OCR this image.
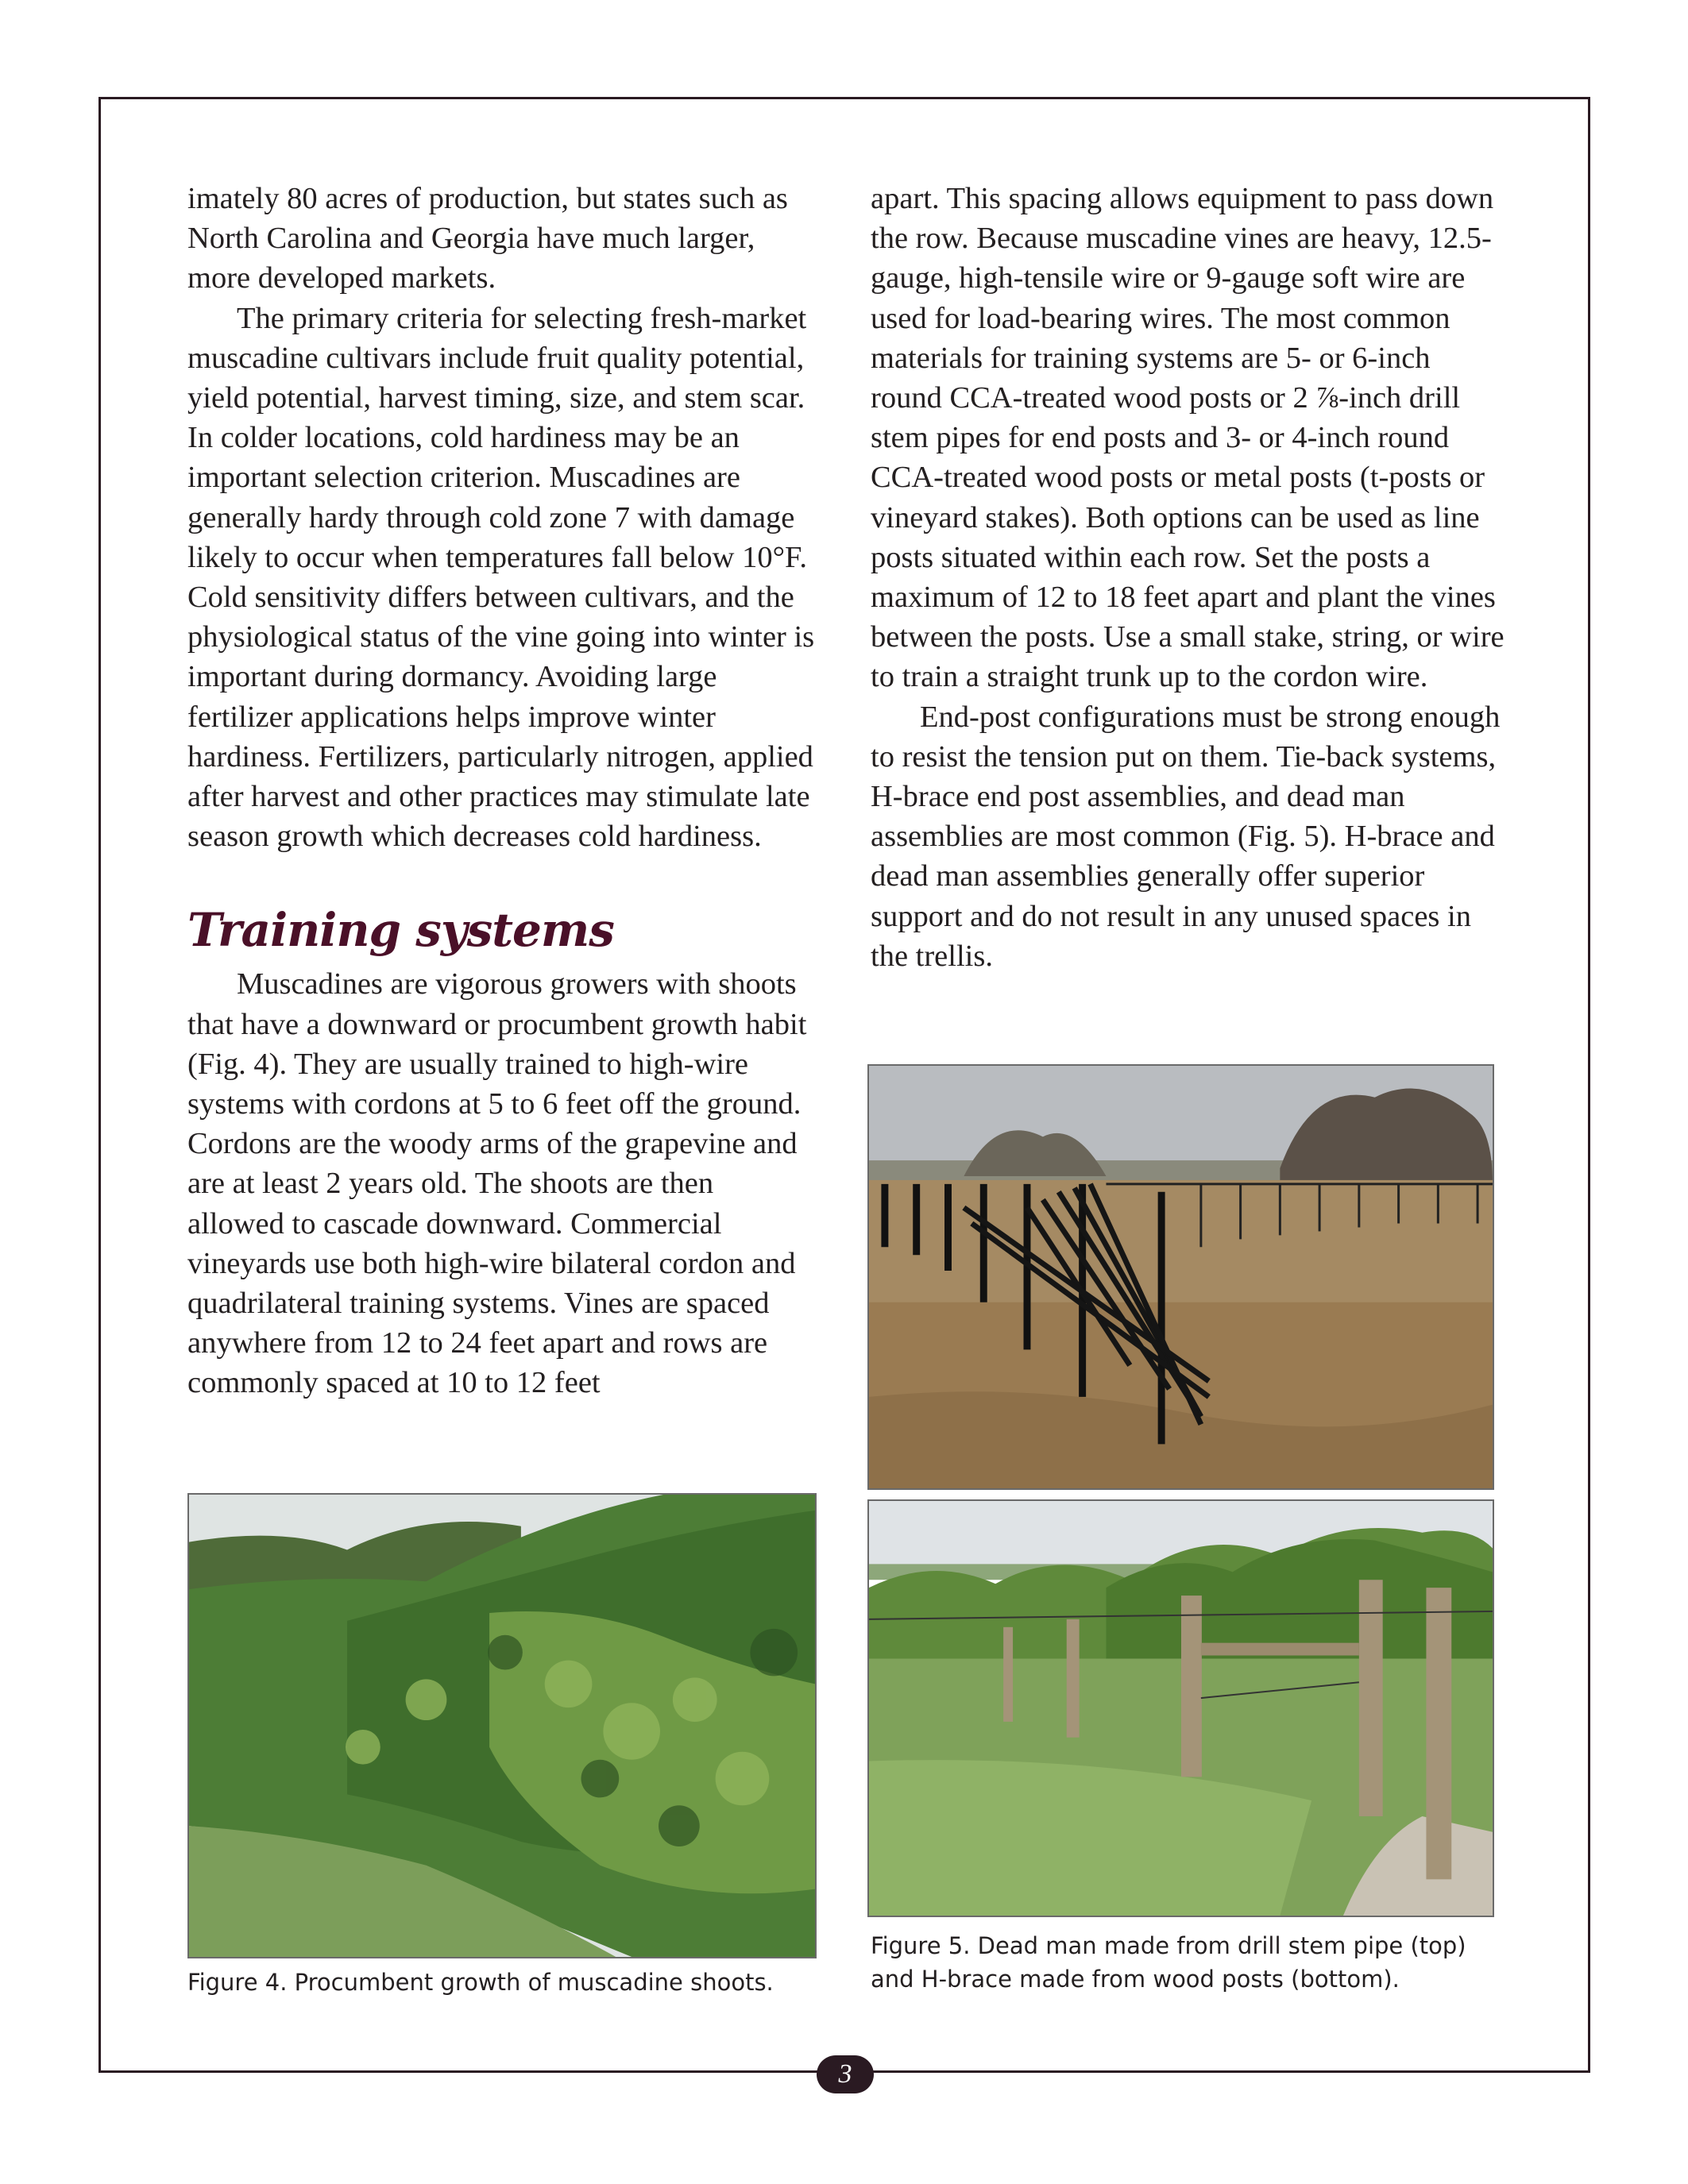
imately 80 acres of production, but states such as North Carolina and Georgia have much larger, more developed markets.

The primary criteria for selecting fresh-market muscadine cultivars include fruit quality potential, yield potential, harvest timing, size, and stem scar. In colder locations, cold hardiness may be an important selection criterion. Muscadines are generally hardy through cold zone 7 with damage likely to occur when temperatures fall below 10°F. Cold sensitivity differs between cultivars, and the physiological status of the vine going into winter is important during dormancy. Avoiding large fertilizer applications helps improve winter hardiness. Fertilizers, particularly nitrogen, applied after harvest and other practices may stimulate late season growth which decreases cold hardiness.

Training systems

Muscadines are vigorous growers with shoots that have a downward or procumbent growth habit (Fig. 4). They are usually trained to high-wire systems with cordons at 5 to 6 feet off the ground. Cordons are the woody arms of the grapevine and are at least 2 years old. The shoots are then allowed to cascade downward. Commercial vineyards use both high-wire bilateral cordon and quadrilateral training systems. Vines are spaced anywhere from 12 to 24 feet apart and rows are commonly spaced at 10 to 12 feet

apart. This spacing allows equipment to pass down the row. Because muscadine vines are heavy, 12.5-gauge, high-tensile wire or 9-gauge soft wire are used for load-bearing wires. The most common materials for training systems are 5- or 6-inch round CCA-treated wood posts or 2 ⅞-inch drill stem pipes for end posts and 3- or 4-inch round CCA-treated wood posts or metal posts (t-posts or vineyard stakes). Both options can be used as line posts situated within each row. Set the posts a maximum of 12 to 18 feet apart and plant the vines between the posts. Use a small stake, string, or wire to train a straight trunk up to the cordon wire.

End-post configurations must be strong enough to resist the tension put on them. Tie-back systems, H-brace end post assemblies, and dead man assemblies are most common (Fig. 5). H-brace and dead man assemblies generally offer superior support and do not result in any unused spaces in the trellis.

Figure 4. Procumbent growth of muscadine shoots.
Figure 5. Dead man made from drill stem pipe (top)
and H-brace made from wood posts (bottom).
3
